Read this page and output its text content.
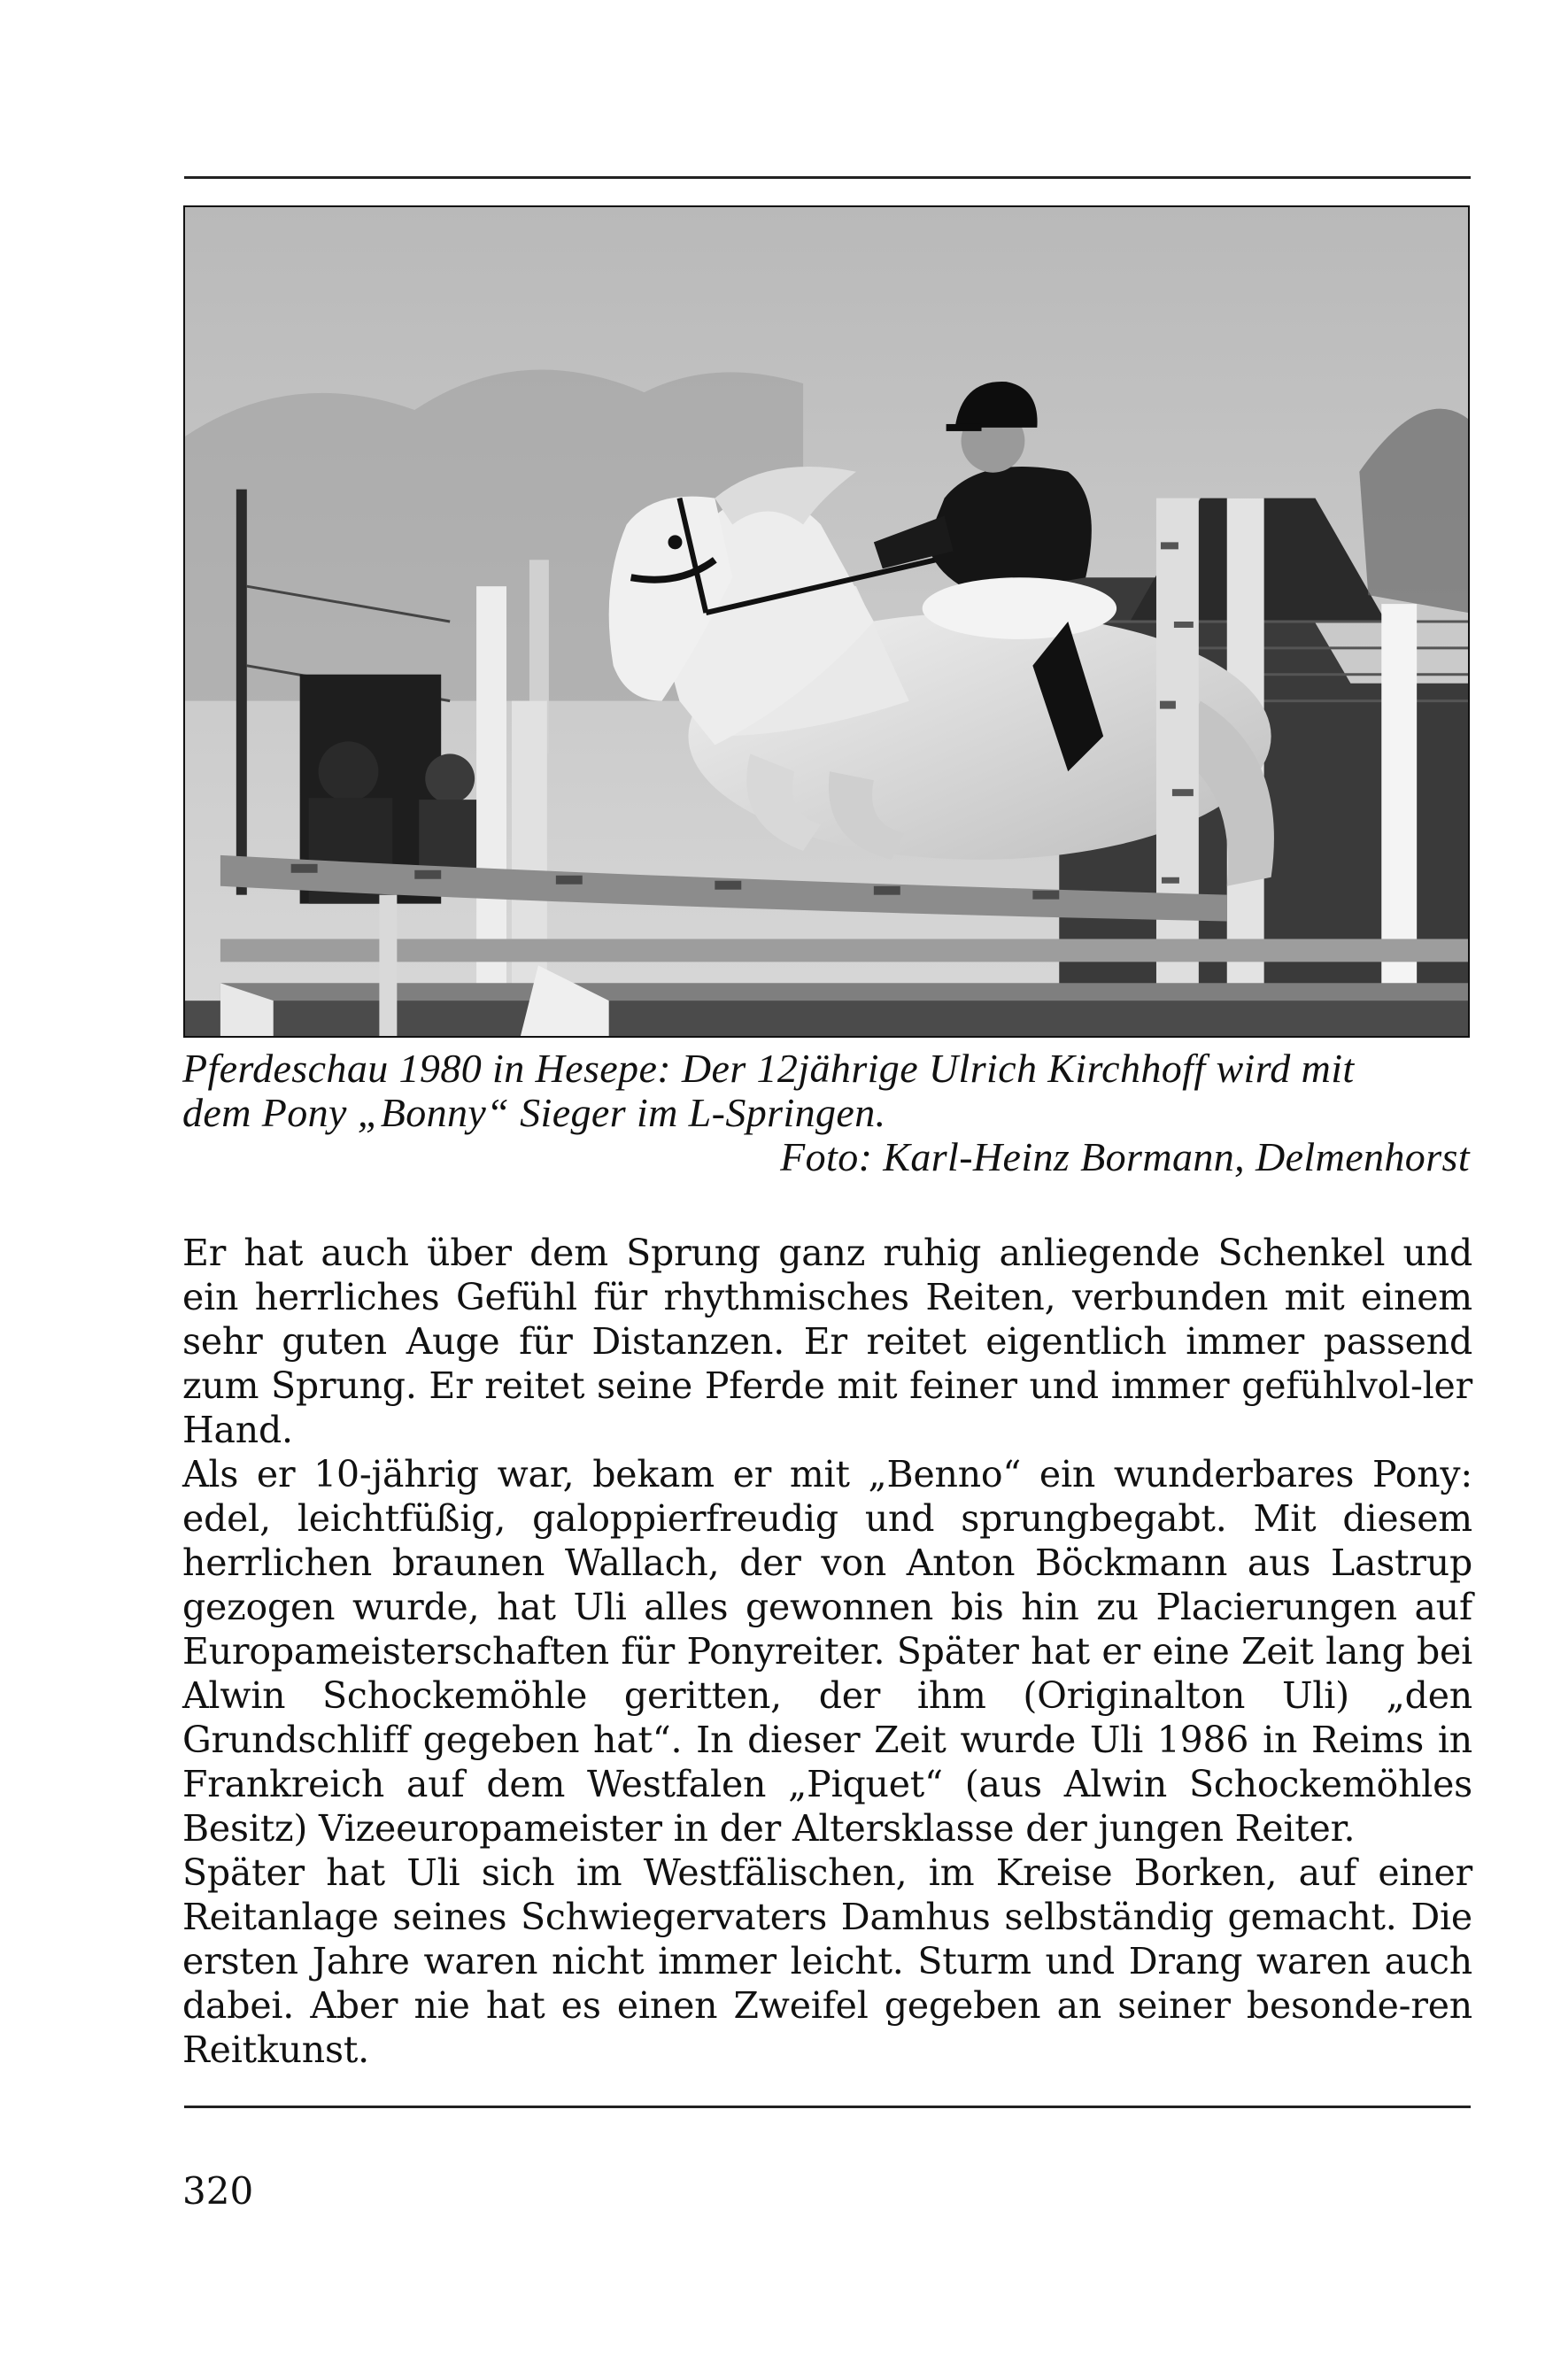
Pferdeschau 1980 in Hesepe: Der 12jährige Ulrich Kirchhoff wird mit
dem Pony „Bonny“ Sieger im L-Springen.
Foto: Karl-Heinz Bormann, Delmenhorst

Er hat auch über dem Sprung ganz ruhig anliegende Schenkel und ein herrliches Gefühl für rhythmisches Reiten, verbunden mit einem sehr guten Auge für Distanzen. Er reitet eigentlich immer passend zum Sprung. Er reitet seine Pferde mit feiner und immer gefühlvol-​ler Hand.

Als er 10-jährig war, bekam er mit „Benno“ ein wunderbares Pony: edel, leichtfüßig, galoppierfreudig und sprungbegabt. Mit diesem herrlichen braunen Wallach, der von Anton Böckmann aus Lastrup gezogen wurde, hat Uli alles gewonnen bis hin zu Placierungen auf Europameisterschaften für Ponyreiter. Später hat er eine Zeit lang bei Alwin Schockemöhle geritten, der ihm (Originalton Uli) „den Grundschliff gegeben hat“. In dieser Zeit wurde Uli 1986 in Reims in Frankreich auf dem Westfalen „Piquet“ (aus Alwin Schockemöhles Besitz) Vizeeuropameister in der Altersklasse der jungen Reiter.

Später hat Uli sich im Westfälischen, im Kreise Borken, auf einer Reitanlage seines Schwiegervaters Damhus selbständig gemacht. Die ersten Jahre waren nicht immer leicht. Sturm und Drang waren auch dabei. Aber nie hat es einen Zweifel gegeben an seiner besonde-​ren Reitkunst.

320
